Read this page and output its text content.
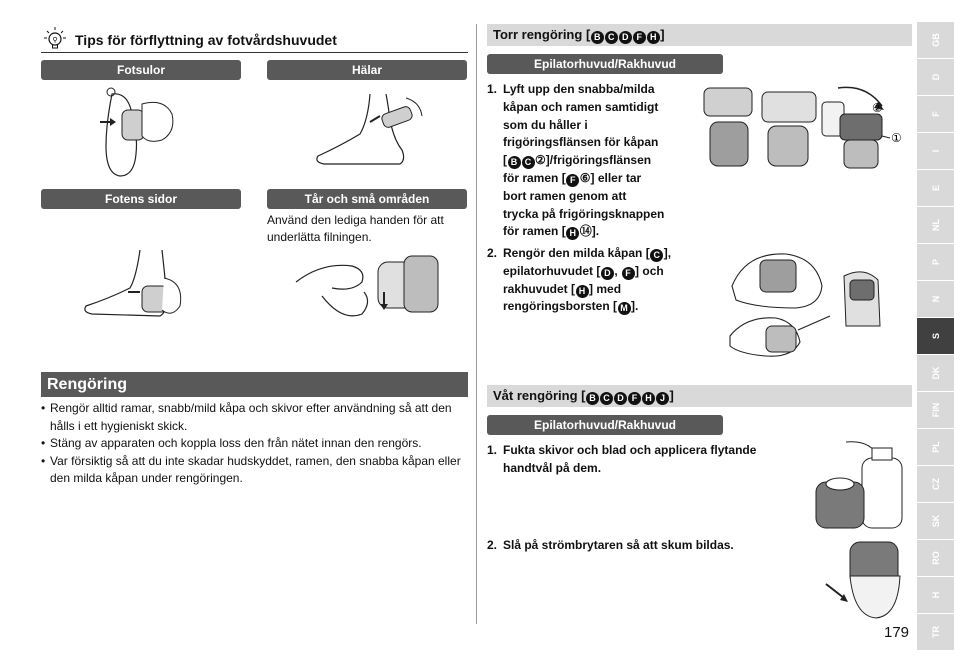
⚲ Tips för förflyttning av fotvårdshuvudet
Fotsulor	Hälar
Fotens sidor	Tår och små områden
Använd den lediga handen för att underlätta filningen.
Rengöring
• Rengör alltid ramar, snabb/mild kåpa och skivor efter användning så att den hålls i ett hygieniskt skick.
• Stäng av apparaten och koppla loss den från nätet innan den rengörs.
• Var försiktig så att du inte skadar hudskyddet, ramen, den snabba kåpan eller den milda kåpan under rengöringen.
Torr rengöring [ B C D F H ]
Epilatorhuvud/Rakhuvud
1. Lyft upp den snabba/milda
kåpan och ramen samtidigt
som du håller i
frigöringsflänsen för kåpan
[ B C ②]/frigöringsflänsen
för ramen [ F ⑥] eller tar
bort ramen genom att
trycka på frigöringsknappen
för ramen [ H ⑭].
②
①
2. Rengör den milda kåpan [ C ],
epilatorhuvudet [ D , F ] och
rakhuvudet [ H ] med
rengöringsborsten [ M ].
Våt rengöring [ B C D F H J ]
Epilatorhuvud/Rakhuvud
1. Fukta skivor och blad och applicera flytande
handtvål på dem.
2. Slå på strömbrytaren så att skum bildas.
GB
D
F
I
E
NL
P
N
S
DK
FIN
PL
CZ
SK
RO
H
TR
179
